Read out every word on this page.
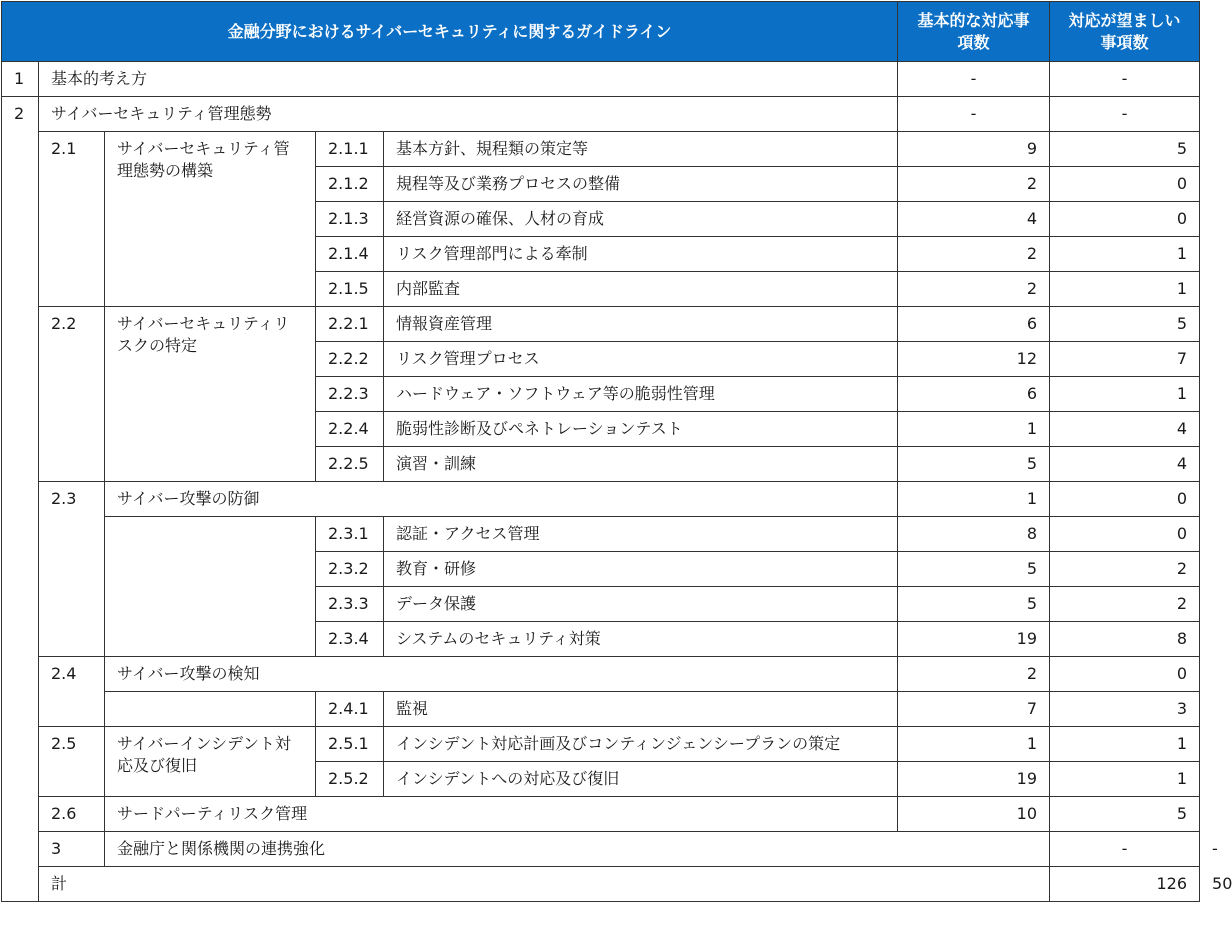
金融分野におけるサイバーセキュリティに関するガイドライン					基本的な対応事項数	対応が望ましい事項数	
1	基本的考え方				-	-	
2	サイバーセキュリティ管理態勢				-	-	
	2.1	サイバーセキュリティ管理態勢の構築	2.1.1	基本方針、規程類の策定等	9	5	
			2.1.2	規程等及び業務プロセスの整備	2	0	
			2.1.3	経営資源の確保、人材の育成	4	0	
			2.1.4	リスク管理部門による牽制	2	1	
			2.1.5	内部監査	2	1	
	2.2	サイバーセキュリティリスクの特定	2.2.1	情報資産管理	6	5	
			2.2.2	リスク管理プロセス	12	7	
			2.2.3	ハードウェア・ソフトウェア等の脆弱性管理	6	1	
			2.2.4	脆弱性診断及びペネトレーションテスト	1	4	
			2.2.5	演習・訓練	5	4	
	2.3	サイバー攻撃の防御			1	0	
			2.3.1	認証・アクセス管理	8	0	
			2.3.2	教育・研修	5	2	
			2.3.3	データ保護	5	2	
			2.3.4	システムのセキュリティ対策	19	8	
	2.4	サイバー攻撃の検知			2	0	
			2.4.1	監視	7	3	
	2.5	サイバーインシデント対応及び復旧	2.5.1	インシデント対応計画及びコンティンジェンシープランの策定	1	1	
			2.5.2	インシデントへの対応及び復旧	19	1	
	2.6	サードパーティリスク管理			10	5	
	3	金融庁と関係機関の連携強化				-	-
	計					126	50
